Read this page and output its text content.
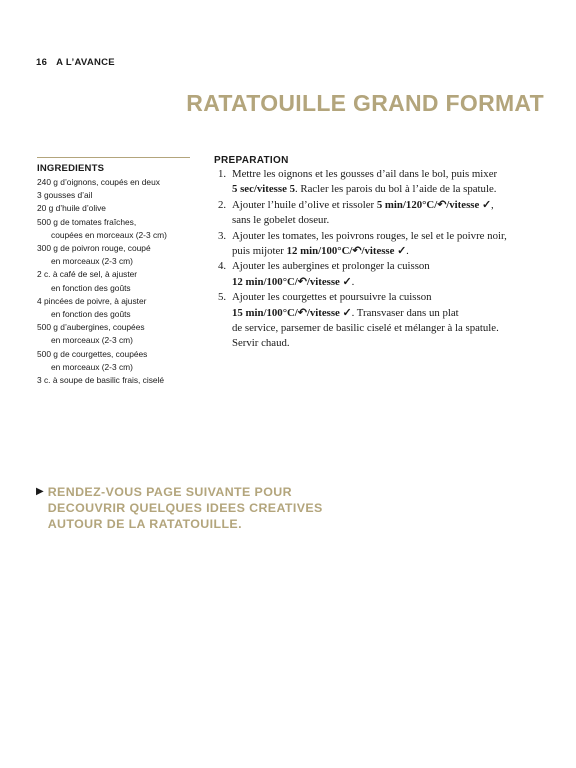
16 A L’AVANCE
RATATOUILLE GRAND FORMAT
INGREDIENTS
240 g d’oignons, coupés en deux
3 gousses d’ail
20 g d’huile d’olive
500 g de tomates fraîches,
coupées en morceaux (2-3 cm)
300 g de poivron rouge, coupé
en morceaux (2-3 cm)
2 c. à café de sel, à ajuster
en fonction des goûts
4 pincées de poivre, à ajuster
en fonction des goûts
500 g d’aubergines, coupées
en morceaux (2-3 cm)
500 g de courgettes, coupées
en morceaux (2-3 cm)
3 c. à soupe de basilic frais, ciselé
PREPARATION
1. Mettre les oignons et les gousses d’ail dans le bol, puis mixer
5 sec/vitesse 5. Racler les parois du bol à l’aide de la spatule.
2. Ajouter l’huile d’olive et rissoler 5 min/120°C/↶/vitesse ✓,
sans le gobelet doseur.
3. Ajouter les tomates, les poivrons rouges, le sel et le poivre noir,
puis mijoter 12 min/100°C/↶/vitesse ✓.
4. Ajouter les aubergines et prolonger la cuisson
12 min/100°C/↶/vitesse ✓.
5. Ajouter les courgettes et poursuivre la cuisson
15 min/100°C/↶/vitesse ✓. Transvaser dans un plat
de service, parsemer de basilic ciselé et mélanger à la spatule.
Servir chaud.
▶ RENDEZ-VOUS PAGE SUIVANTE POUR
DECOUVRIR QUELQUES IDEES CREATIVES
AUTOUR DE LA RATATOUILLE.
